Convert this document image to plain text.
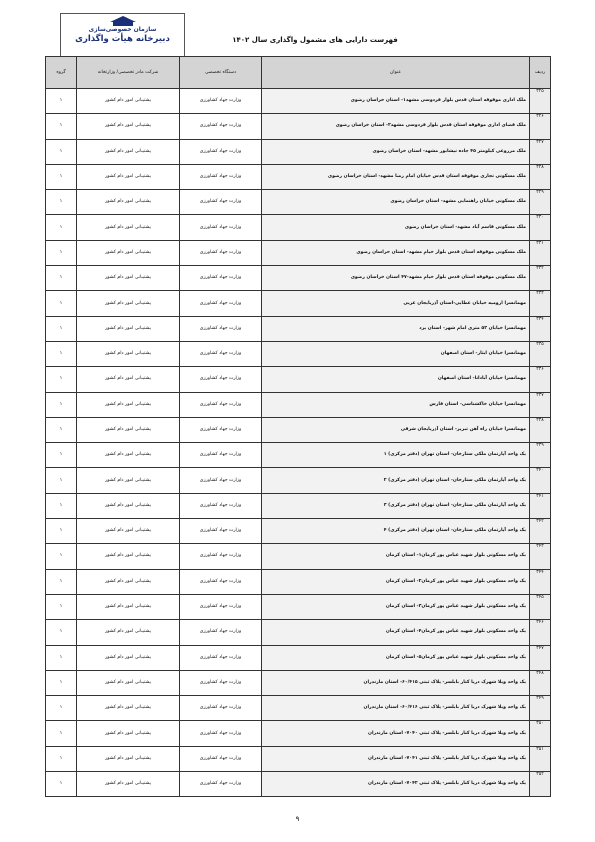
سازمان خصوصی‌سازی
دبیرخانه هیأت واگذاری	فهرست دارایی های مشمول واگذاری سال ۱۴۰۲
ردیف	عنوان	دستگاه تخصصی	شرکت مادر تخصصی/ وزارتخانه	گروه
۳۲۵	ملک اداری موقوفه استان قدس بلوار فردوسی مشهد۱- استان خراسان رضوی	وزارت جهاد کشاورزی	پشتیبانی امور دام کشور	۱
۳۲۶	ملک فضای اداری موقوفه استان قدس بلوار فردوسی مشهد۲- استان خراسان رضوی	وزارت جهاد کشاورزی	پشتیبانی امور دام کشور	۱
۳۲۷	ملک مزروعی کیلومتر ۴۵ جاده نیشابور مشهد- استان خراسان رضوی	وزارت جهاد کشاورزی	پشتیبانی امور دام کشور	۱
۳۲۸	ملک مسکونی تجاری موقوفه استان قدس خیابان امام رضا مشهد- استان خراسان رضوی	وزارت جهاد کشاورزی	پشتیبانی امور دام کشور	۱
۳۲۹	ملک مسکونی خیابان راهنمایی مشهد- استان خراسان رضوی	وزارت جهاد کشاورزی	پشتیبانی امور دام کشور	۱
۳۳۰	ملک مسکونی قاسم آباد مشهد- استان خراسان رضوی	وزارت جهاد کشاورزی	پشتیبانی امور دام کشور	۱
۳۳۱	ملک مسکونی موقوفه استان قدس بلوار خیام مشهد- استان خراسان رضوی	وزارت جهاد کشاورزی	پشتیبانی امور دام کشور	۱
۳۳۲	ملک مسکونی موقوفه استان قدس بلوار خیام مشهد-۴۷ استان خراسان رضوی	وزارت جهاد کشاورزی	پشتیبانی امور دام کشور	۱
۳۳۳	مهمانسرا ارومیه خیابان عطایی-استان آذربایجان غربی	وزارت جهاد کشاورزی	پشتیبانی امور دام کشور	۱
۳۳۴	مهمانسرا خیابان ۵۲ متری امام شهر- استان یزد	وزارت جهاد کشاورزی	پشتیبانی امور دام کشور	۱
۳۳۵	مهمانسرا خیابان ایثار- استان اصفهان	وزارت جهاد کشاورزی	پشتیبانی امور دام کشور	۱
۳۳۶	مهمانسرا خیابان آبادانا- استان اصفهان	وزارت جهاد کشاورزی	پشتیبانی امور دام کشور	۱
۳۳۷	مهمانسرا خیابان خاکشناسی- استان فارس	وزارت جهاد کشاورزی	پشتیبانی امور دام کشور	۱
۳۳۸	مهمانسرا خیابان راه آهن تبریز- استان آذربایجان شرقی	وزارت جهاد کشاورزی	پشتیبانی امور دام کشور	۱
۳۳۹	یک واحد آپارتمان ملکی ستارخان- استان تهران (دفتر مرکزی) ۱	وزارت جهاد کشاورزی	پشتیبانی امور دام کشور	۱
۳۴۰	یک واحد آپارتمان ملکی ستارخان- استان تهران (دفتر مرکزی) ۲	وزارت جهاد کشاورزی	پشتیبانی امور دام کشور	۱
۳۴۱	یک واحد آپارتمان ملکی ستارخان- استان تهران (دفتر مرکزی) ۳	وزارت جهاد کشاورزی	پشتیبانی امور دام کشور	۱
۳۴۲	یک واحد آپارتمان ملکی ستارخان- استان تهران (دفتر مرکزی) ۴	وزارت جهاد کشاورزی	پشتیبانی امور دام کشور	۱
۳۴۳	یک واحد مسکونی بلوار شهید عباس پور کرمان۱- استان کرمان	وزارت جهاد کشاورزی	پشتیبانی امور دام کشور	۱
۳۴۴	یک واحد مسکونی بلوار شهید عباس پور کرمان۲- استان کرمان	وزارت جهاد کشاورزی	پشتیبانی امور دام کشور	۱
۳۴۵	یک واحد مسکونی بلوار شهید عباس پور کرمان۳- استان کرمان	وزارت جهاد کشاورزی	پشتیبانی امور دام کشور	۱
۳۴۶	یک واحد مسکونی بلوار شهید عباس پور کرمان۴- استان کرمان	وزارت جهاد کشاورزی	پشتیبانی امور دام کشور	۱
۳۴۷	یک واحد مسکونی بلوار شهید عباس پور کرمان۵- استان کرمان	وزارت جهاد کشاورزی	پشتیبانی امور دام کشور	۱
۳۴۸	یک واحد ویلا شهرک دریا کنار بابلسر- پلاک ثبتی ۶۰/۴۱۵- استان مازندران	وزارت جهاد کشاورزی	پشتیبانی امور دام کشور	۱
۳۴۹	یک واحد ویلا شهرک دریا کنار بابلسر- پلاک ثبتی ۶۰/۴۱۶- استان مازندران	وزارت جهاد کشاورزی	پشتیبانی امور دام کشور	۱
۳۵۰	یک واحد ویلا شهرک دریا کنار بابلسر- پلاک ثبتی ۷۰۴۰- استان مازندران	وزارت جهاد کشاورزی	پشتیبانی امور دام کشور	۱
۳۵۱	یک واحد ویلا شهرک دریا کنار بابلسر- پلاک ثبتی ۷۰۴۱- استان مازندران	وزارت جهاد کشاورزی	پشتیبانی امور دام کشور	۱
۳۵۲	یک واحد ویلا شهرک دریا کنار بابلسر- پلاک ثبتی ۷۰۴۲- استان مازندران	وزارت جهاد کشاورزی	پشتیبانی امور دام کشور	۱
۹
